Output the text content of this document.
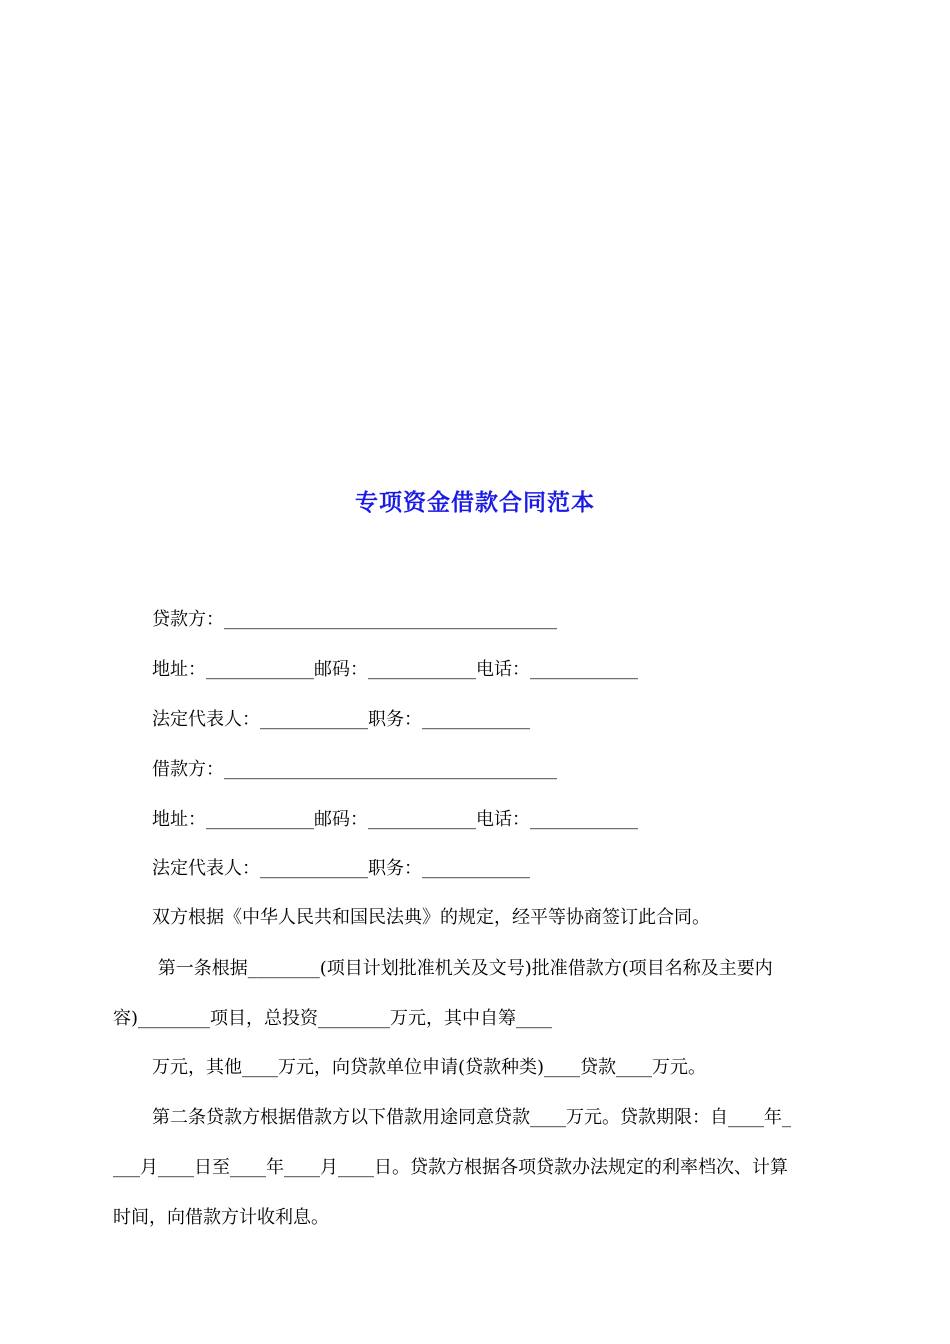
专项资金借款合同范本
贷款方：_____________________________________
地址：____________邮码：____________电话：____________
法定代表人：____________职务：____________
借款方：_____________________________________
地址：____________邮码：____________电话：____________
法定代表人：____________职务：____________
双方根据《中华人民共和国民法典》的规定，经平等协商签订此合同。
第一条根据________(项目计划批准机关及文号)批准借款方(项目名称及主要内
容)________项目，总投资________万元，其中自筹____
万元，其他____万元，向贷款单位申请(贷款种类)____贷款____万元。
第二条贷款方根据借款方以下借款用途同意贷款____万元。贷款期限：自____年_
___月____日至____年____月____日。贷款方根据各项贷款办法规定的利率档次、计算
时间，向借款方计收利息。
